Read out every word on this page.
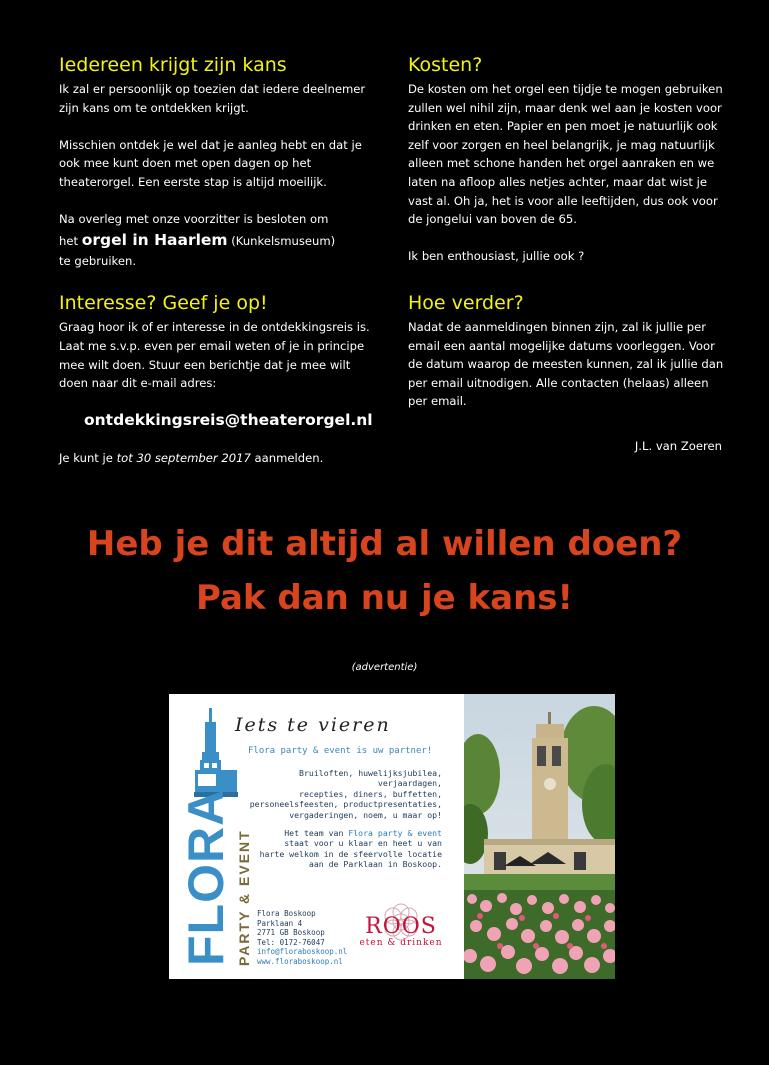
Iedereen krijgt zijn kans

Ik zal er persoonlijk op toezien dat iedere deelnemer zijn kans om te ontdekken krijgt.

Misschien ontdek je wel dat je aanleg hebt en dat je ook mee kunt doen met open dagen op het theaterorgel. Een eerste stap is altijd moeilijk.

Na overleg met onze voorzitter is besloten om
het orgel in Haarlem (Kunkelsmuseum)
te gebruiken.
Interesse? Geef je op!

Graag hoor ik of er interesse in de ontdekkingsreis is. Laat me s.v.p. even per email weten of je in principe mee wilt doen. Stuur een berichtje dat je mee wilt doen naar dit e-mail adres:

ontdekkingsreis@theaterorgel.nl
Je kunt je tot 30 september 2017 aanmelden.
Kosten?

De kosten om het orgel een tijdje te mogen gebruiken zullen wel nihil zijn, maar denk wel aan je kosten voor drinken en eten. Papier en pen moet je natuurlijk ook zelf voor zorgen en heel belangrijk, je mag natuurlijk alleen met schone handen het orgel aanraken en we laten na afloop alles netjes achter, maar dat wist je vast al. Oh ja, het is voor alle leeftijden, dus ook voor de jongelui van boven de 65.

Ik ben enthousiast, jullie ook ?

Hoe verder?

Nadat de aanmeldingen binnen zijn, zal ik jullie per email een aantal mogelijke datums voorleggen. Voor de datum waarop de meesten kunnen, zal ik jullie dan per email uitnodigen. Alle contacten (helaas) alleen per email.

J.L. van Zoeren
Heb je dit altijd al willen doen?
Pak dan nu je kans!
(advertentie)
FLORA PARTY & EVENT
Iets te vieren
Flora party & event is uw partner!
Bruiloften, huwelijksjubilea, verjaardagen,
recepties, diners, buffetten,
personeelsfeesten, productpresentaties,
vergaderingen, noem, u maar op!
Het team van Flora party & event
staat voor u klaar en heet u van
harte welkom in de sfeervolle locatie
aan de Parklaan in Boskoop.
Flora Boskoop
Parklaan 4
2771 GB Boskoop
Tel: 0172-76047
info@floraboskoop.nl
www.floraboskoop.nl
ROOS
eten & drinken
